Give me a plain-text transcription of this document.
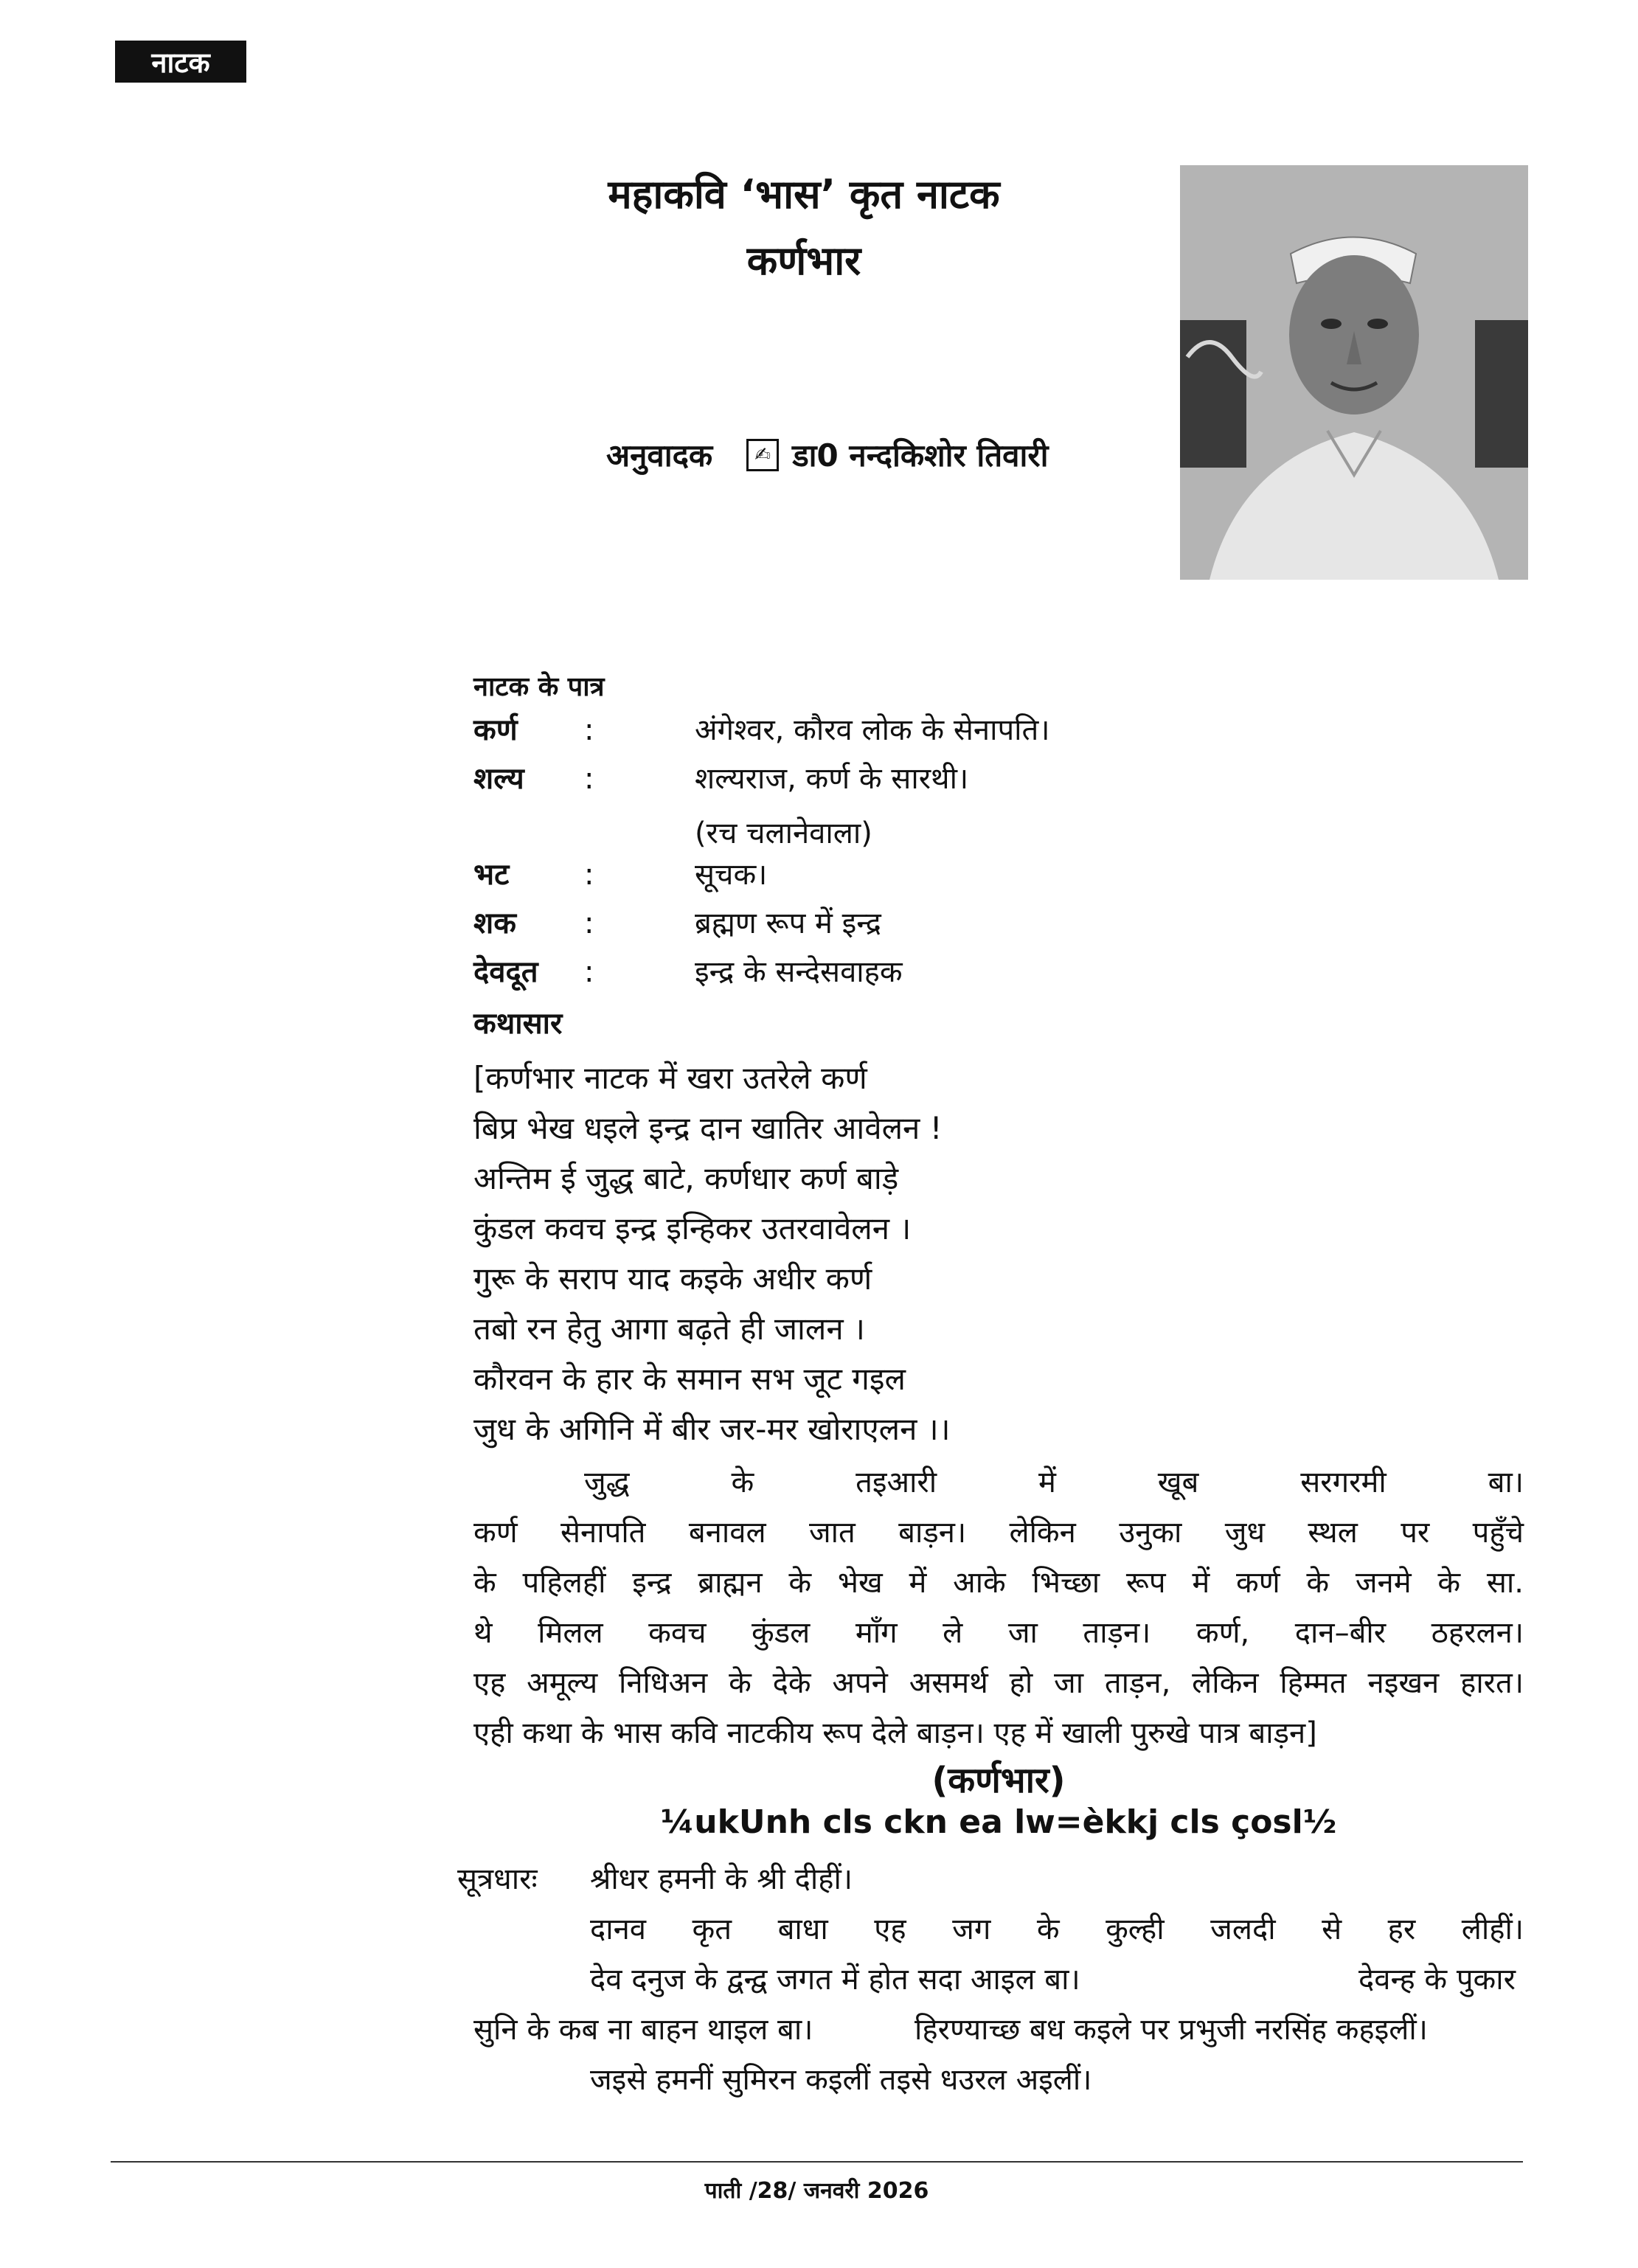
नाटक
महाकवि ‘भास’ कृत नाटक
कर्णभार
अनुवादक	✍ डा0 नन्दकिशोर तिवारी
नाटक के पात्र
कर्ण :	अंगेश्वर, कौरव लोक के सेनापति।
शल्य :	शल्यराज, कर्ण के सारथी।
(रच चलानेवाला)
भट	:	सूचक।
शक :	ब्रह्मण रूप में इन्द्र
देवदूत :	इन्द्र के सन्देसवाहक
कथासार
[कर्णभार नाटक में खरा उतरेले कर्ण
बिप्र भेख धइले इन्द्र दान खातिर आवेलन !
अन्तिम ई जुद्ध बाटे, कर्णधार कर्ण बाड़े
कुंडल कवच इन्द्र इन्हिकर उतरवावेलन ।
गुरू के सराप याद कइके अधीर कर्ण
तबो रन हेतु आगा बढ़ते ही जालन ।
कौरवन के हार के समान सभ जूट गइल
जुध के अगिनि में बीर जर-मर खोराएलन ।।
जुद्ध के तइआरी में खूब सरगरमी बा।
कर्ण सेनापति बनावल जात बाड़न। लेकिन उनुका जुध स्थल पर पहुँचे
के पहिलहीं इन्द्र ब्राह्मन के भेख में आके भिच्छा रूप में कर्ण के जनमे के सा.
थे मिलल कवच कुंडल माँग ले जा ताड़न। कर्ण, दान–बीर ठहरलन।
एह अमूल्य निधिअन के देके अपने असमर्थ हो जा ताड़न, लेकिन हिम्मत नइखन हारत।
एही कथा के भास कवि नाटकीय रूप देले बाड़न। एह में खाली पुरुखे पात्र बाड़न]
(कर्णभार)
¼ukUnh cls ckn ea lw=èkkj cls çosl½
सूत्रधारः श्रीधर हमनी के श्री दीहीं।
दानव कृत बाधा एह जग के कुल्ही जलदी से हर लीहीं।
देव दनुज के द्वन्द्व जगत में होत सदा आइल बा।	देवन्ह के पुकार
सुनि के कब ना बाहन थाइल बा।	हिरण्याच्छ बध कइले पर प्रभुजी नरसिंह कहइलीं।
जइसे हमनीं सुमिरन कइलीं तइसे धउरल अइलीं।
पाती /28/ जनवरी 2026
